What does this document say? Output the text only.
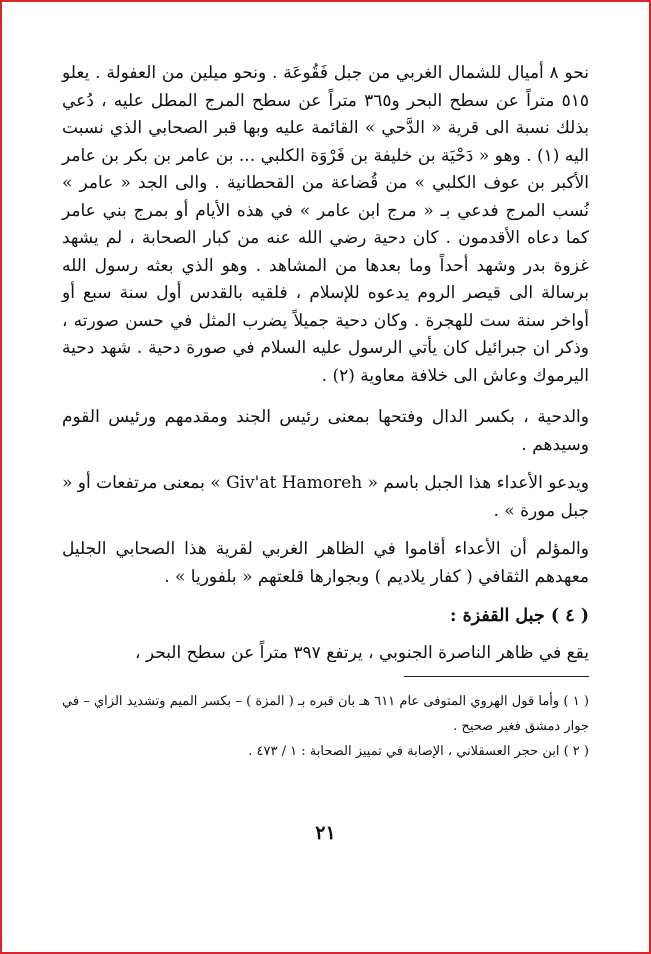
نحو ٨ أميال للشمال الغربي من جبل فَقُوعَة . ونحو ميلين من العفولة . يعلو ٥١٥ متراً عن سطح البحر و٣٦٥ متراً عن سطح المرج المطل عليه ، دُعي بذلك نسبة الى قرية « الدَّحي » القائمة عليه وبها قبر الصحابي الذي نسبت اليه (١) . وهو « دَحْيَة بن خليفة بن فَرْوَة الكلبي ... بن عامر بن بكر بن عامر الأكبر بن عوف الكلبي » من قُضاعة من القحطانية . والى الجد « عامر » نُسب المرج فدعي بـ « مرج ابن عامر » في هذه الأيام أو بمرج بني عامر كما دعاه الأقدمون . كان دحية رضي الله عنه من كبار الصحابة ، لم يشهد غزوة بدر وشهد أحداً وما بعدها من المشاهد . وهو الذي بعثه رسول الله برسالة الى قيصر الروم يدعوه للإسلام ، فلقيه بالقدس أول سنة سبع أو أواخر سنة ست للهجرة . وكان دحية جميلاً يضرب المثل في حسن صورته ، وذكر ان جبرائيل كان يأتي الرسول عليه السلام في صورة دحية . شهد دحية اليرموك وعاش الى خلافة معاوية (٢) .

والدحية ، بكسر الدال وفتحها بمعنى رئيس الجند ومقدمهم ورئيس القوم وسيدهم .

ويدعو الأعداء هذا الجبل باسم « Giv'at Hamoreh » بمعنى مرتفعات أو « جبل مورة » .

والمؤلم أن الأعداء أقاموا في الظاهر الغربي لقرية هذا الصحابي الجليل معهدهم الثقافي ( كفار يلاديم ) وبجوارها قلعتهم « بلفوريا » .

( ٤ ) جبل القفزة :

يقع في ظاهر الناصرة الجنوبي ، يرتفع ٣٩٧ متراً عن سطح البحر ،

( ١ ) وأما قول الهروي المتوفى عام ٦١١ هـ بان قبره بـ ( المزة ) – بكسر الميم وتشديد الزاي – في جوار دمشق فغير صحيح .

( ٢ ) ابن حجر العسقلاني ، الإصابة في تمييز الصحابة : ١ / ٤٧٣ .

٢١
